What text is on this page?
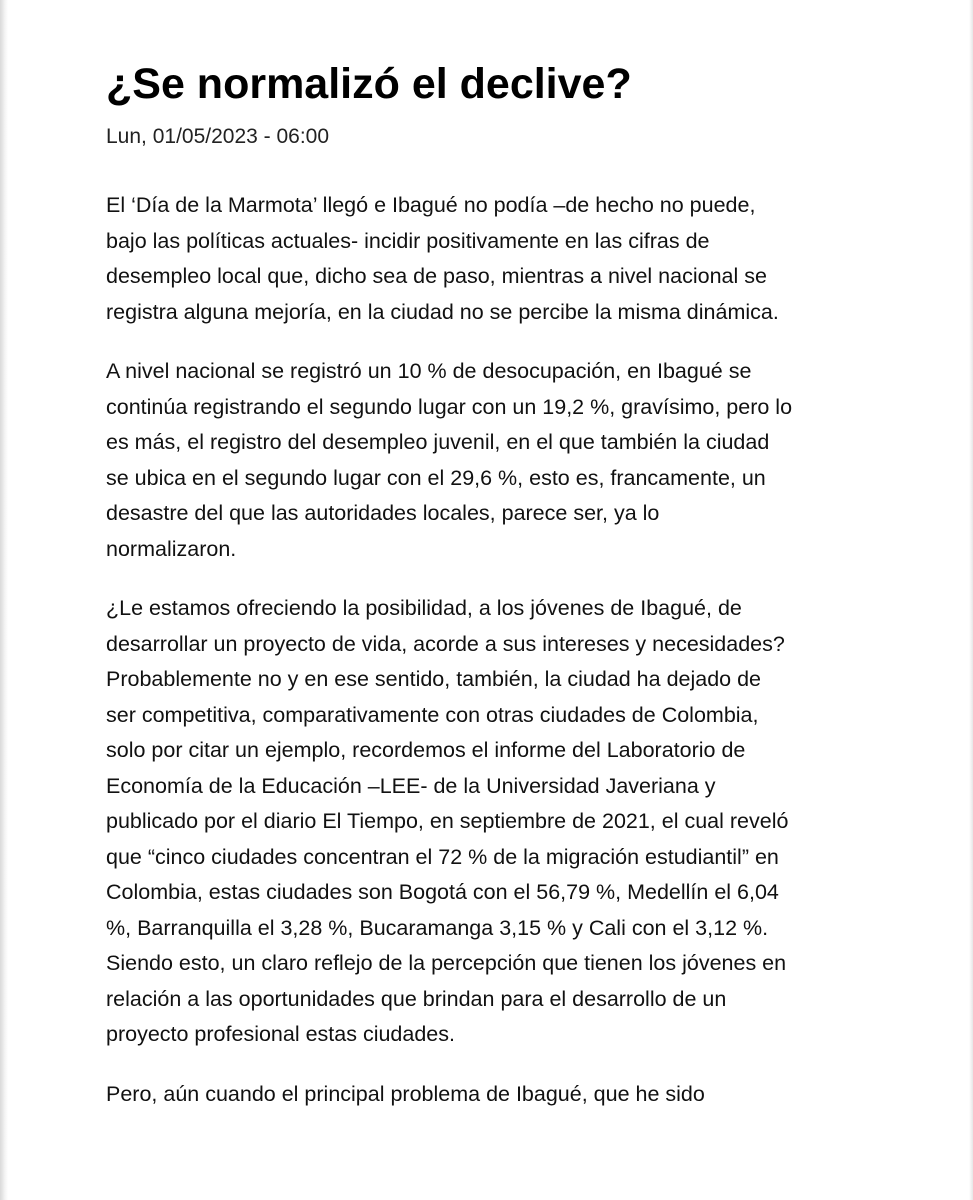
¿Se normalizó el declive?
Lun, 01/05/2023 - 06:00

El ‘Día de la Marmota’ llegó e Ibagué no podía –de hecho no puede,
bajo las políticas actuales- incidir positivamente en las cifras de
desempleo local que, dicho sea de paso, mientras a nivel nacional se
registra alguna mejoría, en la ciudad no se percibe la misma dinámica.

A nivel nacional se registró un 10 % de desocupación, en Ibagué se
continúa registrando el segundo lugar con un 19,2 %, gravísimo, pero lo
es más, el registro del desempleo juvenil, en el que también la ciudad
se ubica en el segundo lugar con el 29,6 %, esto es, francamente, un
desastre del que las autoridades locales, parece ser, ya lo
normalizaron.

¿Le estamos ofreciendo la posibilidad, a los jóvenes de Ibagué, de
desarrollar un proyecto de vida, acorde a sus intereses y necesidades?
Probablemente no y en ese sentido, también, la ciudad ha dejado de
ser competitiva, comparativamente con otras ciudades de Colombia,
solo por citar un ejemplo, recordemos el informe del Laboratorio de
Economía de la Educación –LEE- de la Universidad Javeriana y
publicado por el diario El Tiempo, en septiembre de 2021, el cual reveló
que “cinco ciudades concentran el 72 % de la migración estudiantil” en
Colombia, estas ciudades son Bogotá con el 56,79 %, Medellín el 6,04
%, Barranquilla el 3,28 %, Bucaramanga 3,15 % y Cali con el 3,12 %.
Siendo esto, un claro reflejo de la percepción que tienen los jóvenes en
relación a las oportunidades que brindan para el desarrollo de un
proyecto profesional estas ciudades.

Pero, aún cuando el principal problema de Ibagué, que he sido
